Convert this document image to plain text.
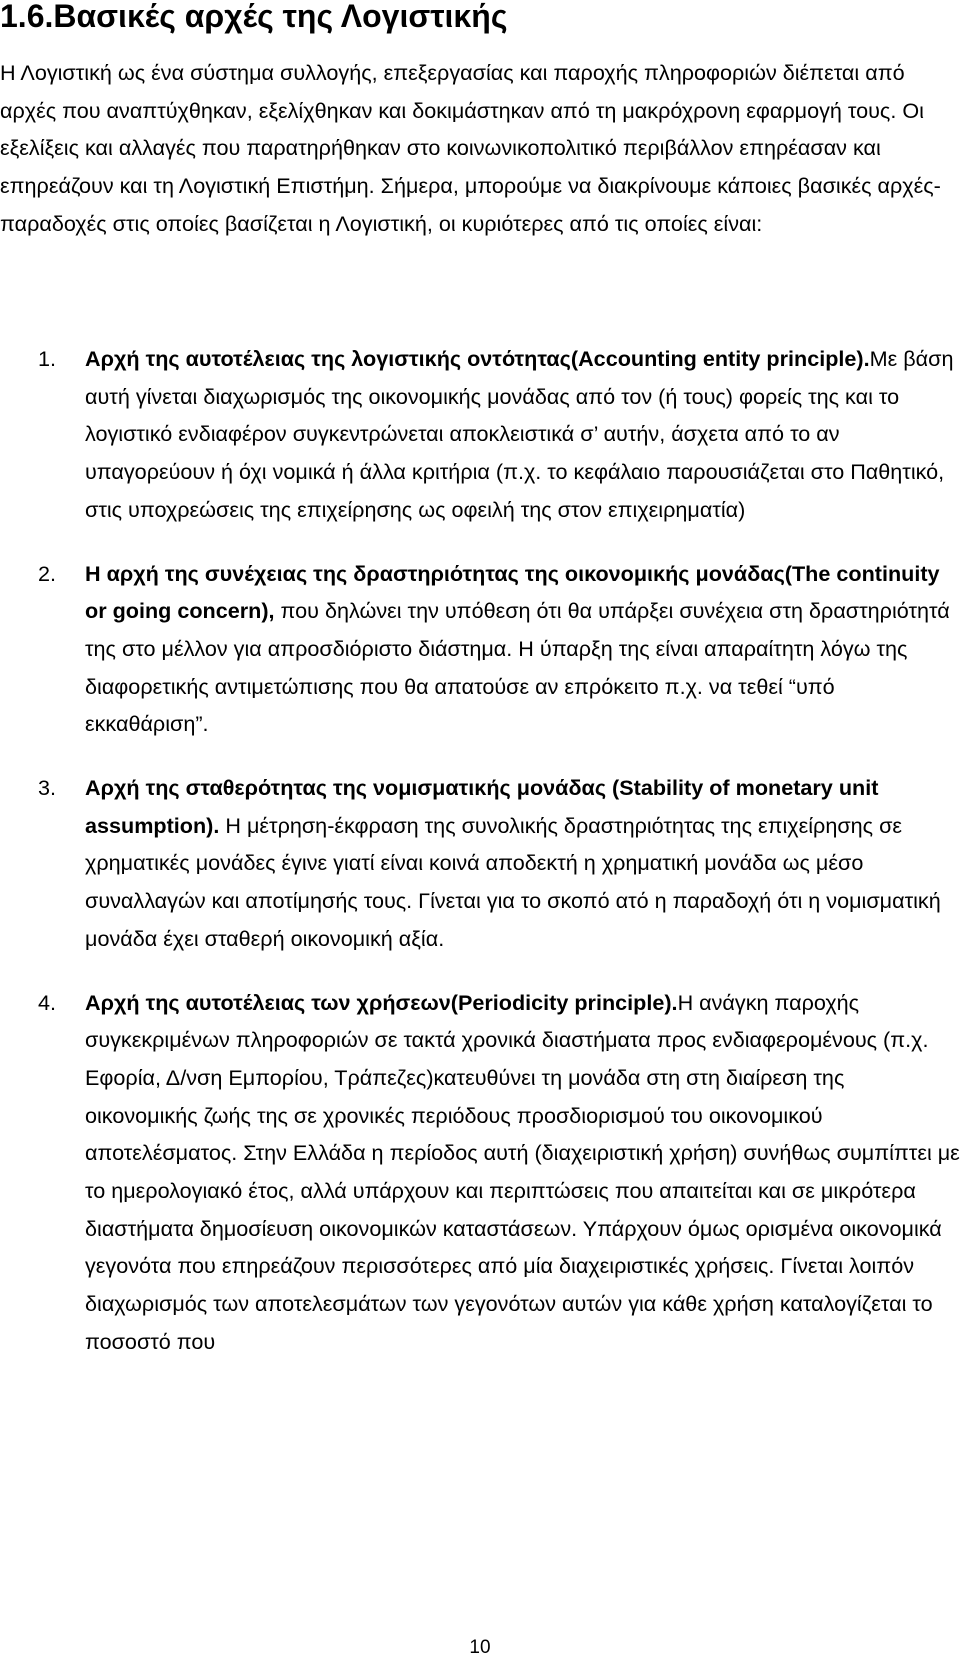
1.6.Βασικές αρχές της Λογιστικής

Η Λογιστική ως ένα σύστημα συλλογής, επεξεργασίας και παροχής πληροφοριών διέπεται από αρχές που αναπτύχθηκαν, εξελίχθηκαν και δοκιμάστηκαν από τη μακρόχρονη εφαρμογή τους. Οι εξελίξεις και αλλαγές που παρατηρήθηκαν στο κοινωνικοπολιτικό περιβάλλον επηρέασαν και επηρεάζουν και τη Λογιστική Επιστήμη. Σήμερα, μπορούμε να διακρίνουμε κάποιες βασικές αρχές-παραδοχές στις οποίες βασίζεται η Λογιστική, οι κυριότερες από τις οποίες είναι:

1. Αρχή της αυτοτέλειας της λογιστικής οντότητας(Accounting entity principle).Με βάση αυτή γίνεται διαχωρισμός της οικονομικής μονάδας από τον (ή τους) φορείς της και το λογιστικό ενδιαφέρον συγκεντρώνεται αποκλειστικά σ’ αυτήν, άσχετα από το αν υπαγορεύουν ή όχι νομικά ή άλλα κριτήρια (π.χ. το κεφάλαιο παρουσιάζεται στο Παθητικό, στις υποχρεώσεις της επιχείρησης ως οφειλή της στον επιχειρηματία)
2. Η αρχή της συνέχειας της δραστηριότητας της οικονομικής μονάδας(The continuity or going concern), που δηλώνει την υπόθεση ότι θα υπάρξει συνέχεια στη δραστηριότητά της στο μέλλον για απροσδιόριστο διάστημα. Η ύπαρξη της είναι απαραίτητη λόγω της διαφορετικής αντιμετώπισης που θα απατούσε αν επρόκειτο π.χ. να τεθεί “υπό εκκαθάριση”.
3. Αρχή της σταθερότητας της νομισματικής μονάδας (Stability of monetary unit assumption). Η μέτρηση-έκφραση της συνολικής δραστηριότητας της επιχείρησης σε χρηματικές μονάδες έγινε γιατί είναι κοινά αποδεκτή η χρηματική μονάδα ως μέσο συναλλαγών και αποτίμησής τους. Γίνεται για το σκοπό ατό η παραδοχή ότι η νομισματική μονάδα έχει σταθερή οικονομική αξία.
4. Αρχή της αυτοτέλειας των χρήσεων(Periodicity principle).Η ανάγκη παροχής συγκεκριμένων πληροφοριών σε τακτά χρονικά διαστήματα προς ενδιαφερομένους (π.χ. Εφορία, Δ/νση Εμπορίου, Τράπεζες)κατευθύνει τη μονάδα στη στη διαίρεση της οικονομικής ζωής της σε χρονικές περιόδους προσδιορισμού του οικονομικού αποτελέσματος. Στην Ελλάδα η περίοδος αυτή (διαχειριστική χρήση) συνήθως συμπίπτει με το ημερολογιακό έτος, αλλά υπάρχουν και περιπτώσεις που απαιτείται και σε μικρότερα διαστήματα δημοσίευση οικονομικών καταστάσεων. Υπάρχουν όμως ορισμένα οικονομικά γεγονότα που επηρεάζουν περισσότερες από μία διαχειριστικές χρήσεις. Γίνεται λοιπόν διαχωρισμός των αποτελεσμάτων των γεγονότων αυτών για κάθε χρήση καταλογίζεται το ποσοστό που
10
